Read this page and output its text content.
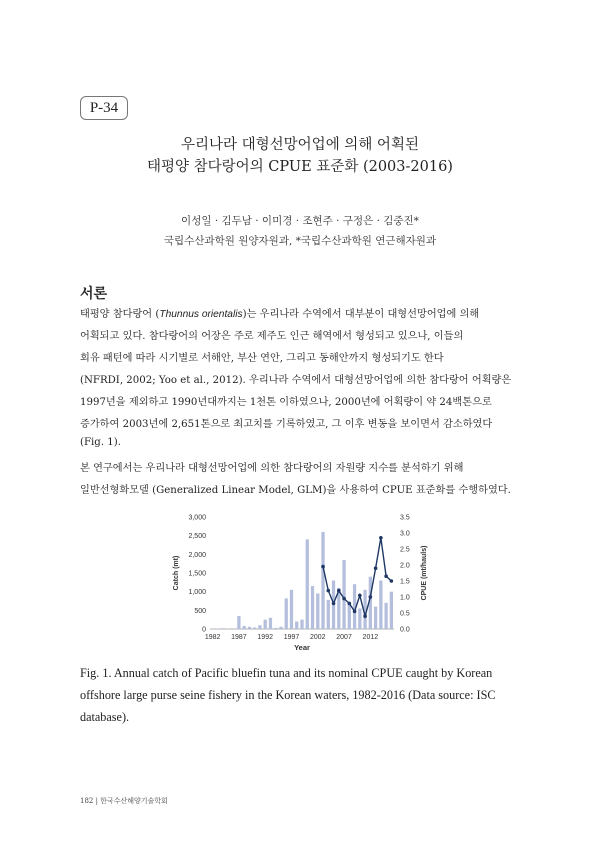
P-34
우리나라 대형선망어업에 의해 어획된
태평양 참다랑어의 CPUE 표준화 (2003-2016)
이성일 · 김두남 · 이미경 · 조현주 · 구정은 · 김중진*
국립수산과학원 원양자원과, *국립수산과학원 연근해자원과
서론
태평양 참다랑어 (Thunnus orientalis)는 우리나라 수역에서 대부분이 대형선망어업에 의해
어획되고 있다. 참다랑어의 어장은 주로 제주도 인근 해역에서 형성되고 있으나, 이들의
회유 패턴에 따라 시기별로 서해안, 부산 연안, 그리고 동해안까지 형성되기도 한다
(NFRDI, 2002; Yoo et al., 2012). 우리나라 수역에서 대형선망어업에 의한 참다랑어 어획량은
1997년을 제외하고 1990년대까지는 1천톤 이하였으나, 2000년에 어획량이 약 24백톤으로
증가하여 2003년에 2,651톤으로 최고치를 기록하였고, 그 이후 변동을 보이면서 감소하였다
(Fig. 1).
본 연구에서는 우리나라 대형선망어업에 의한 참다랑어의 자원량 지수를 분석하기 위해
일반선형화모델 (Generalized Linear Model, GLM)을 사용하여 CPUE 표준화를 수행하였다.
0
500
1,000
1,500
2,000
2,500
3,000
0.0
0.5
1.0
1.5
2.0
2.5
3.0
3.5
1982 1987 1992 1997 2002 2007 2012
Year
Catch (mt)	CPUE (mt/hauls)
Fig. 1. Annual catch of Pacific bluefin tuna and its nominal CPUE caught by Korean
offshore large purse seine fishery in the Korean waters, 1982-2016 (Data source: ISC
database).
182 | 한국수산해양기술학회
